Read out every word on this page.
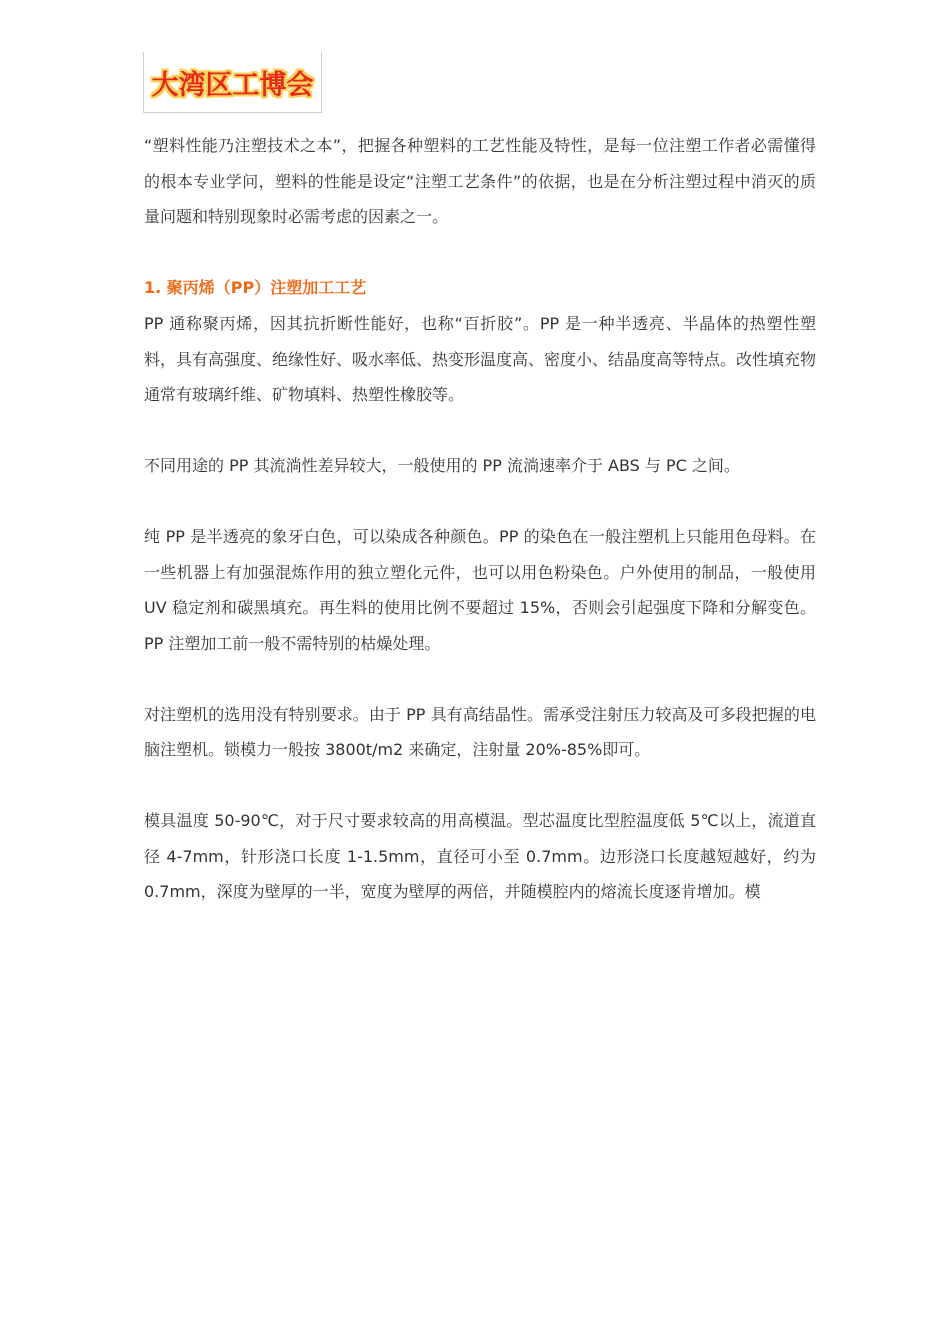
大湾区工博会

“塑料性能乃注塑技术之本”，把握各种塑料的工艺性能及特性，是每一位注塑工作者必需懂得的根本专业学问，塑料的性能是设定“注塑工艺条件”的依据，也是在分析注塑过程中消灭的质量问题和特别现象时必需考虑的因素之一。

1. 聚丙烯（PP）注塑加工工艺

PP 通称聚丙烯，因其抗折断性能好，也称“百折胶”。PP 是一种半透亮、半晶体的热塑性塑料，具有高强度、绝缘性好、吸水率低、热变形温度高、密度小、结晶度高等特点。改性填充物通常有玻璃纤维、矿物填料、热塑性橡胶等。

不同用途的 PP 其流淌性差异较大，一般使用的 PP 流淌速率介于 ABS 与 PC 之间。

纯 PP 是半透亮的象牙白色，可以染成各种颜色。PP 的染色在一般注塑机上只能用色母料。在一些机器上有加强混炼作用的独立塑化元件，也可以用色粉染色。户外使用的制品，一般使用 UV 稳定剂和碳黑填充。再生料的使用比例不要超过 15%，否则会引起强度下降和分解变色。PP 注塑加工前一般不需特别的枯燥处理。

对注塑机的选用没有特别要求。由于 PP 具有高结晶性。需承受注射压力较高及可多段把握的电脑注塑机。锁模力一般按 3800t/m2 来确定，注射量 20%-85%即可。

模具温度 50-90℃，对于尺寸要求较高的用高模温。型芯温度比型腔温度低 5℃以上，流道直径 4-7mm，针形浇口长度 1-1.5mm，直径可小至 0.7mm。边形浇口长度越短越好，约为 0.7mm，深度为壁厚的一半，宽度为壁厚的两倍，并随模腔内的熔流长度逐肯增加。模
